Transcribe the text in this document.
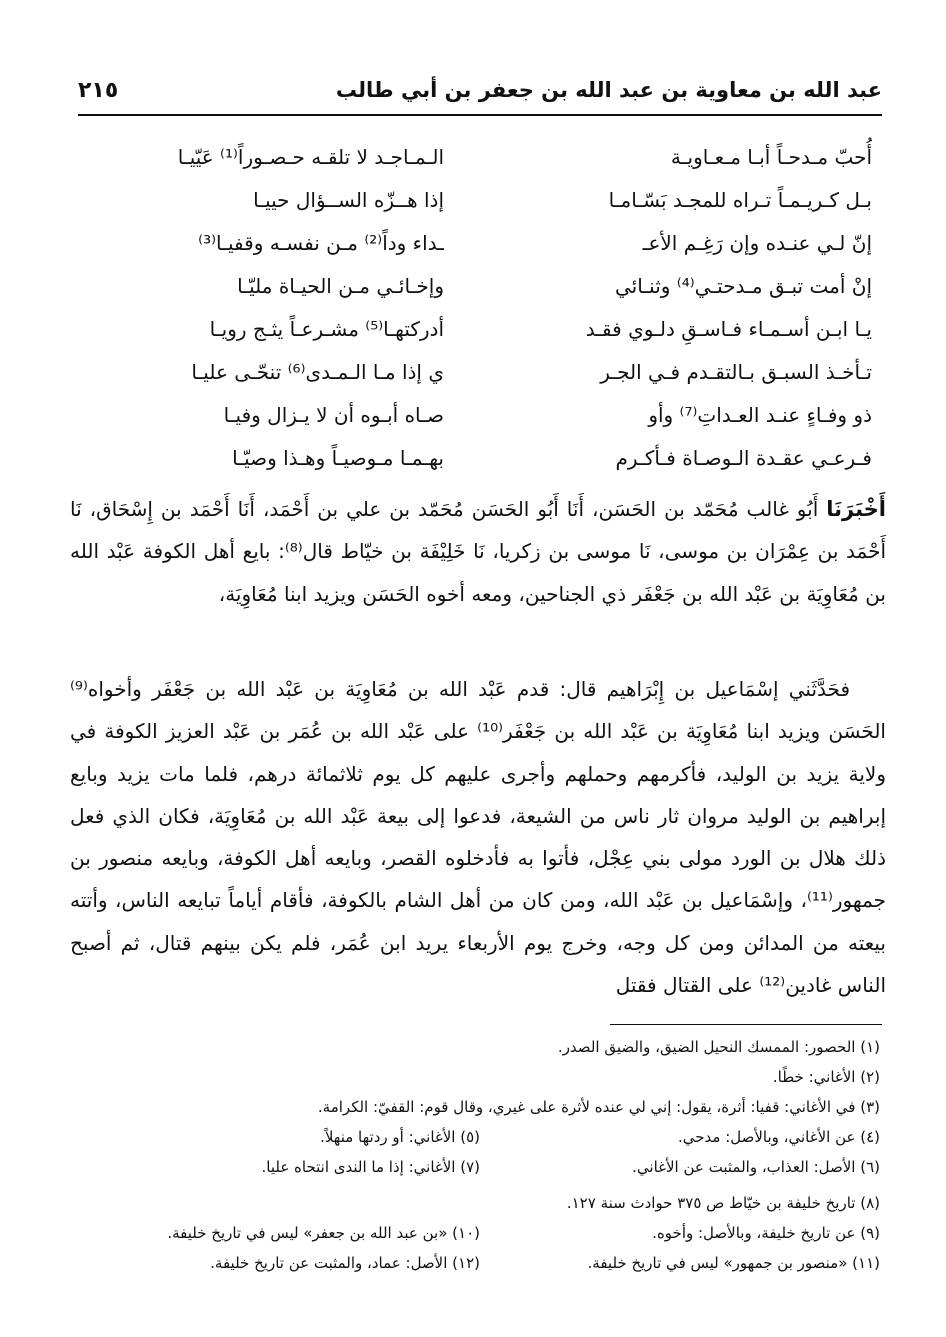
عبد الله بن معاوية بن عبد الله بن جعفر بن أبي طالب
٢١٥
أُحبّ مـدحـاً أبـا مـعـاويـة
الـمـاجـد لا تلقـه حـصـوراً⁽¹⁾ عَيّيـا
بـل كـريـمـاً تـراه للمجـد بَسّـامـا
إذا هــزّه الســؤال حييـا
إنّ لـي عنـده وإن رَغِـم الأعـ
ـداء وداً⁽²⁾ مـن نفسـه وقفيـا⁽³⁾
إنْ أمت تبـق مـدحتـي⁽⁴⁾ وثنـائي
وإخـائـي مـن الحيـاة مليّـا
يـا ابـن أسـمـاء فـاسـقِ دلـوي فقـد
أدركتهـا⁽⁵⁾ مشـرعـاً يثـج رويـا
تـأخـذ السبـق بـالتقـدم فـي الجـر
ي إذا مـا الـمـدى⁽⁶⁾ تنحّـى عليـا
ذو وفـاءٍ عنـد العـداتِ⁽⁷⁾ وأو
صـاه أبـوه أن لا يـزال وفيـا
فـرعـي عقـدة الـوصـاة فـأكـرم
بهـمـا مـوصيـاً وهـذا وصيّـا
أَخْبَرَنَا أَبُو غالب مُحَمّد بن الحَسَن، أَنَا أَبُو الحَسَن مُحَمّد بن علي بن أَحْمَد، أَنَا أَحْمَد بن إِسْحَاق، نَا أَحْمَد بن عِمْرَان بن موسى، نَا موسى بن زكريا، نَا خَلِيْفَة بن خيّاط قال⁽⁸⁾: بايع أهل الكوفة عَبْد الله بن مُعَاوِيَة بن عَبْد الله بن جَعْفَر ذي الجناحين، ومعه أخوه الحَسَن ويزيد ابنا مُعَاوِيَة،
فحَدَّثَني إسْمَاعيل بن إِبْرَاهيم قال: قدم عَبْد الله بن مُعَاوِيَة بن عَبْد الله بن جَعْفَر وأخواه⁽⁹⁾ الحَسَن ويزيد ابنا مُعَاوِيَة بن عَبْد الله بن جَعْفَر⁽¹⁰⁾ على عَبْد الله بن عُمَر بن عَبْد العزيز الكوفة في ولاية يزيد بن الوليد، فأكرمهم وحملهم وأجرى عليهم كل يوم ثلاثمائة درهم، فلما مات يزيد وبايع إبراهيم بن الوليد مروان ثار ناس من الشيعة، فدعوا إلى بيعة عَبْد الله بن مُعَاوِيَة، فكان الذي فعل ذلك هلال بن الورد مولى بني عِجْل، فأتوا به فأدخلوه القصر، وبايعه أهل الكوفة، وبايعه منصور بن جمهور⁽¹¹⁾، وإسْمَاعيل بن عَبْد الله، ومن كان من أهل الشام بالكوفة، فأقام أياماً تبايعه الناس، وأتته بيعته من المدائن ومن كل وجه، وخرج يوم الأربعاء يريد ابن عُمَر، فلم يكن بينهم قتال، ثم أصبح الناس غادين⁽¹²⁾ على القتال فقتل
(١) الحصور: الممسك النحيل الضيق، والضيق الصدر.
(٢) الأغاني: خطًا.
(٣) في الأغاني: قفيا: أثرة، يقول: إني لي عنده لأثرة على غيري، وقال قوم: القفيّ: الكرامة.
(٤) عن الأغاني، وبالأصل: مدحي.
(٥) الأغاني: أو ردتها منهلاً.
(٦) الأصل: العذاب، والمثبت عن الأغاني.
(٧) الأغاني: إذا ما الندى انتحاه عليا.
(٨) تاريخ خليفة بن خيّاط ص ٣٧٥ حوادث سنة ١٢٧.
(٩) عن تاريخ خليفة، وبالأصل: وأخوه.
(١٠) «بن عبد الله بن جعفر» ليس في تاريخ خليفة.
(١١) «منصور بن جمهور» ليس في تاريخ خليفة.
(١٢) الأصل: عماد، والمثبت عن تاريخ خليفة.
